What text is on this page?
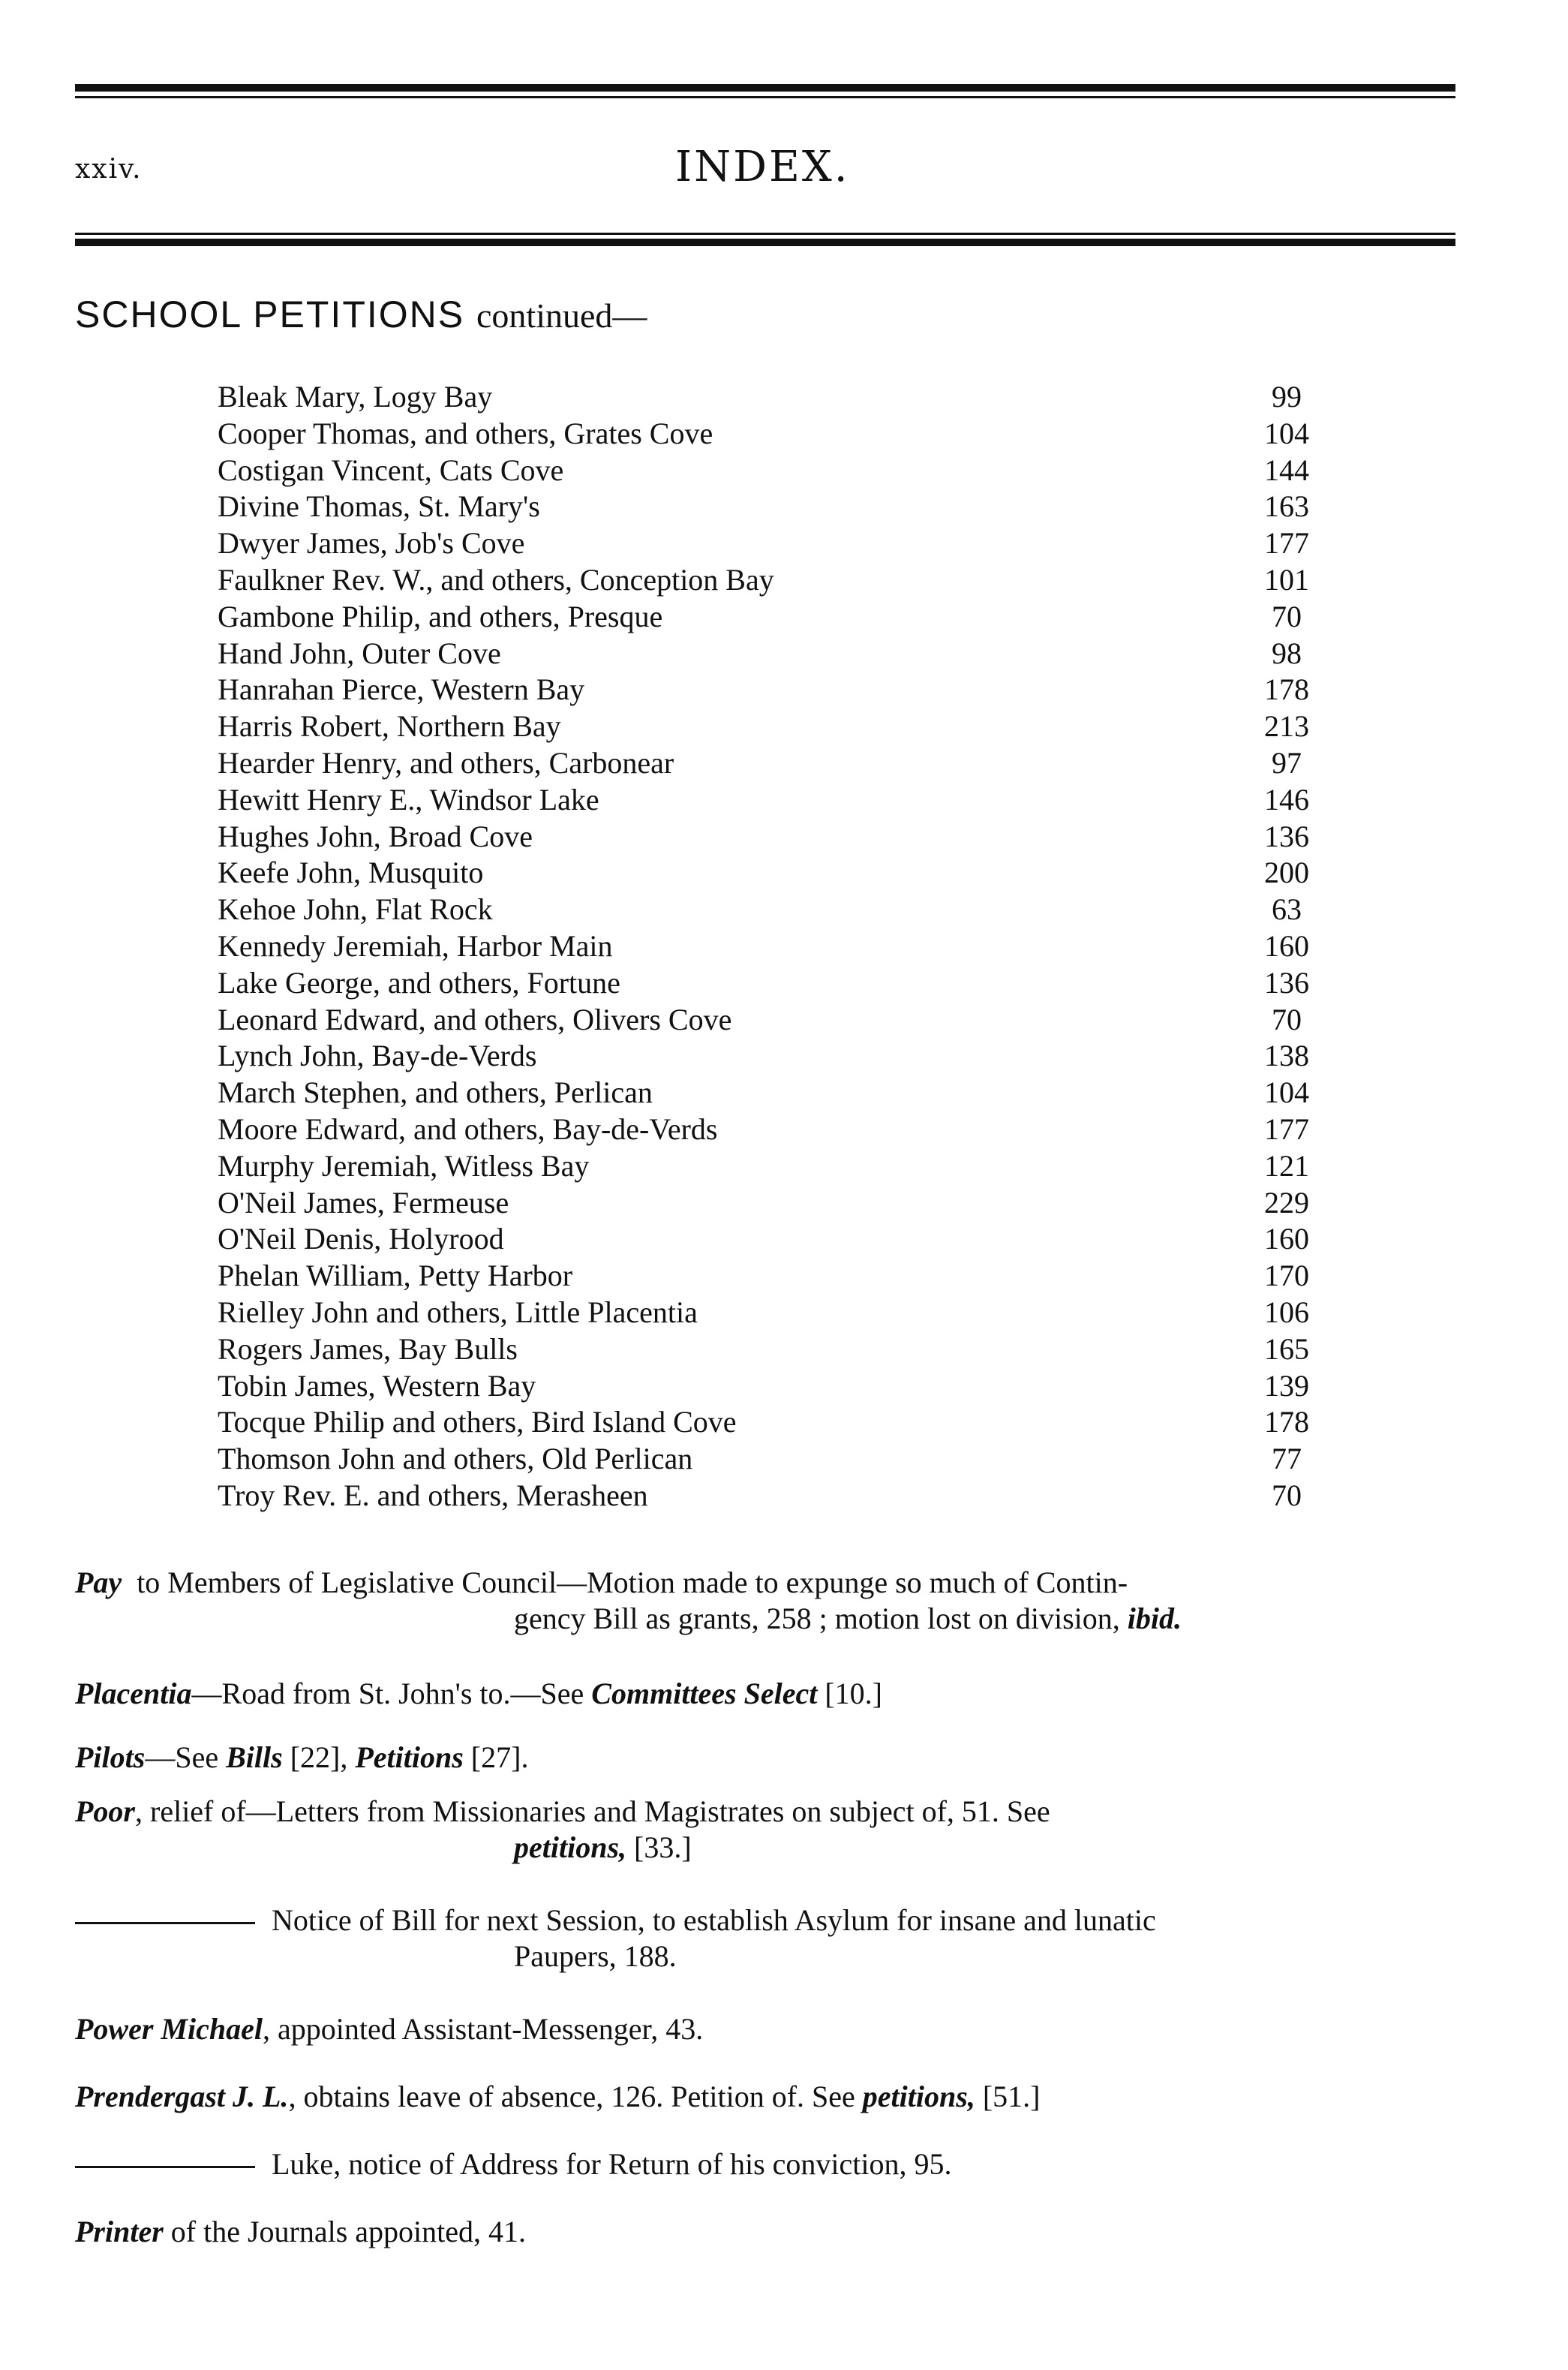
xxiv.	INDEX.
SCHOOL PETITIONS continued—
Bleak Mary, Logy Bay	99
Cooper Thomas, and others, Grates Cove	104
Costigan Vincent, Cats Cove	144
Divine Thomas, St. Mary's	163
Dwyer James, Job's Cove	177
Faulkner Rev. W., and others, Conception Bay	101
Gambone Philip, and others, Presque	70
Hand John, Outer Cove	98
Hanrahan Pierce, Western Bay	178
Harris Robert, Northern Bay	213
Hearder Henry, and others, Carbonear	97
Hewitt Henry E., Windsor Lake	146
Hughes John, Broad Cove	136
Keefe John, Musquito	200
Kehoe John, Flat Rock	63
Kennedy Jeremiah, Harbor Main	160
Lake George, and others, Fortune	136
Leonard Edward, and others, Olivers Cove	70
Lynch John, Bay-de-Verds	138
March Stephen, and others, Perlican	104
Moore Edward, and others, Bay-de-Verds	177
Murphy Jeremiah, Witless Bay	121
O'Neil James, Fermeuse	229
O'Neil Denis, Holyrood	160
Phelan William, Petty Harbor	170
Rielley John and others, Little Placentia	106
Rogers James, Bay Bulls	165
Tobin James, Western Bay	139
Tocque Philip and others, Bird Island Cove	178
Thomson John and others, Old Perlican	77
Troy Rev. E. and others, Merasheen	70
Pay to Members of Legislative Council—Motion made to expunge so much of Contin-
gency Bill as grants, 258 ; motion lost on division, ibid.
Placentia—Road from St. John's to.—See Committees Select [10.]
Pilots—See Bills [22], Petitions [27].
Poor, relief of—Letters from Missionaries and Magistrates on subject of, 51. See
petitions, [33.]
Notice of Bill for next Session, to establish Asylum for insane and lunatic
Paupers, 188.
Power Michael, appointed Assistant-Messenger, 43.
Prendergast J. L., obtains leave of absence, 126. Petition of. See petitions, [51.]
Luke, notice of Address for Return of his conviction, 95.
Printer of the Journals appointed, 41.
